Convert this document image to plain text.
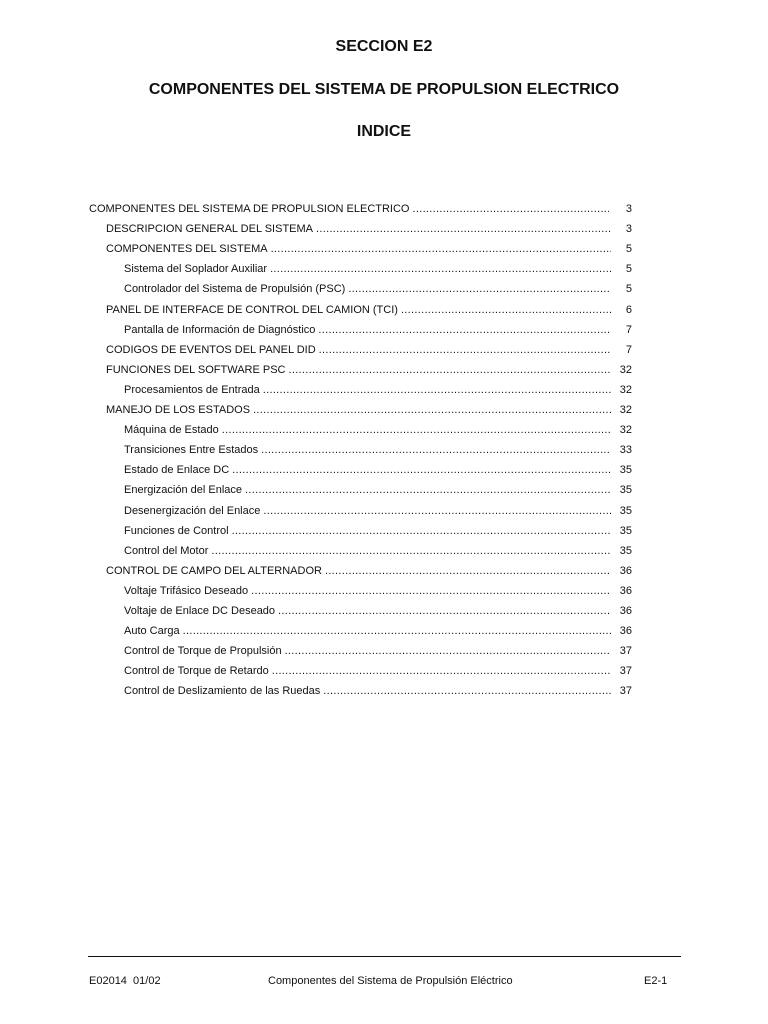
SECCION E2
COMPONENTES DEL SISTEMA DE PROPULSION ELECTRICO
INDICE
COMPONENTES DEL SISTEMA DE PROPULSION ELECTRICO .....	3
DESCRIPCION GENERAL DEL SISTEMA .....	3
COMPONENTES DEL SISTEMA .....	5
Sistema del Soplador Auxiliar .....	5
Controlador del Sistema de Propulsión (PSC) .....	5
PANEL DE INTERFACE DE CONTROL DEL CAMION (TCI) .....	6
Pantalla de Información de Diagnóstico .....	7
CODIGOS DE EVENTOS DEL PANEL DID .....	7
FUNCIONES DEL SOFTWARE PSC .....	32
Procesamientos de Entrada .....	32
MANEJO DE LOS ESTADOS .....	32
Máquina de Estado .....	32
Transiciones Entre Estados .....	33
Estado de Enlace DC .....	35
Energización del Enlace .....	35
Desenergización del Enlace .....	35
Funciones de Control .....	35
Control del Motor .....	35
CONTROL DE CAMPO DEL ALTERNADOR .....	36
Voltaje Trifásico Deseado .....	36
Voltaje de Enlace DC Deseado .....	36
Auto Carga .....	36
Control de Torque de Propulsión .....	37
Control de Torque de Retardo .....	37
Control de Deslizamiento de las Ruedas .....	37
E02014  01/02	Componentes del Sistema de Propulsión Eléctrico	E2-1
